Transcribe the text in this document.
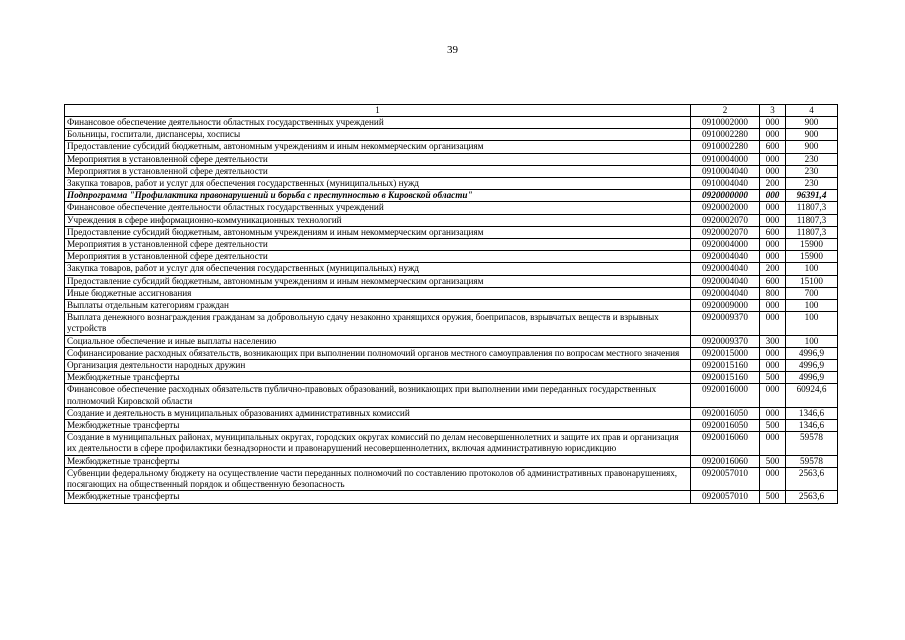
39
1	2	3	4
Финансовое обеспечение деятельности областных государственных учреждений	0910002000	000	900
Больницы, госпитали, диспансеры, хосписы	0910002280	000	900
Предоставление субсидий бюджетным, автономным учреждениям и иным некоммерческим организациям	0910002280	600	900
Мероприятия в установленной сфере деятельности	0910004000	000	230
Мероприятия в установленной сфере деятельности	0910004040	000	230
Закупка товаров, работ и услуг для обеспечения государственных (муниципальных) нужд	0910004040	200	230
Подпрограмма "Профилактика правонарушений и борьба с преступностью в Кировской области"	0920000000	000	96391,4
Финансовое обеспечение деятельности областных государственных учреждений	0920002000	000	11807,3
Учреждения в сфере информационно-коммуникационных технологий	0920002070	000	11807,3
Предоставление субсидий бюджетным, автономным учреждениям и иным некоммерческим организациям	0920002070	600	11807,3
Мероприятия в установленной сфере деятельности	0920004000	000	15900
Мероприятия в установленной сфере деятельности	0920004040	000	15900
Закупка товаров, работ и услуг для обеспечения государственных (муниципальных) нужд	0920004040	200	100
Предоставление субсидий бюджетным, автономным учреждениям и иным некоммерческим организациям	0920004040	600	15100
Иные бюджетные ассигнования	0920004040	800	700
Выплаты отдельным категориям граждан	0920009000	000	100
Выплата денежного вознаграждения гражданам за добровольную сдачу незаконно хранящихся оружия, боеприпасов, взрывчатых веществ и взрывных устройств	0920009370	000	100
Социальное обеспечение и иные выплаты населению	0920009370	300	100
Софинансирование расходных обязательств, возникающих при выполнении полномочий органов местного самоуправления по вопросам местного значения	0920015000	000	4996,9
Организация деятельности народных дружин	0920015160	000	4996,9
Межбюджетные трансферты	0920015160	500	4996,9
Финансовое обеспечение расходных обязательств публично-правовых образований, возникающих при выполнении ими переданных государственных полномочий Кировской области	0920016000	000	60924,6
Создание и деятельность в муниципальных образованиях административных комиссий	0920016050	000	1346,6
Межбюджетные трансферты	0920016050	500	1346,6
Создание в муниципальных районах, муниципальных округах, городских округах комиссий по делам несовершеннолетних и защите их прав и организация их деятельности в сфере профилактики безнадзорности и правонарушений несовершеннолетних, включая административную юрисдикцию	0920016060	000	59578
Межбюджетные трансферты	0920016060	500	59578
Субвенции федеральному бюджету на осуществление части переданных полномочий по составлению протоколов об административных правонарушениях, посягающих на общественный порядок и общественную безопасность	0920057010	000	2563,6
Межбюджетные трансферты	0920057010	500	2563,6
